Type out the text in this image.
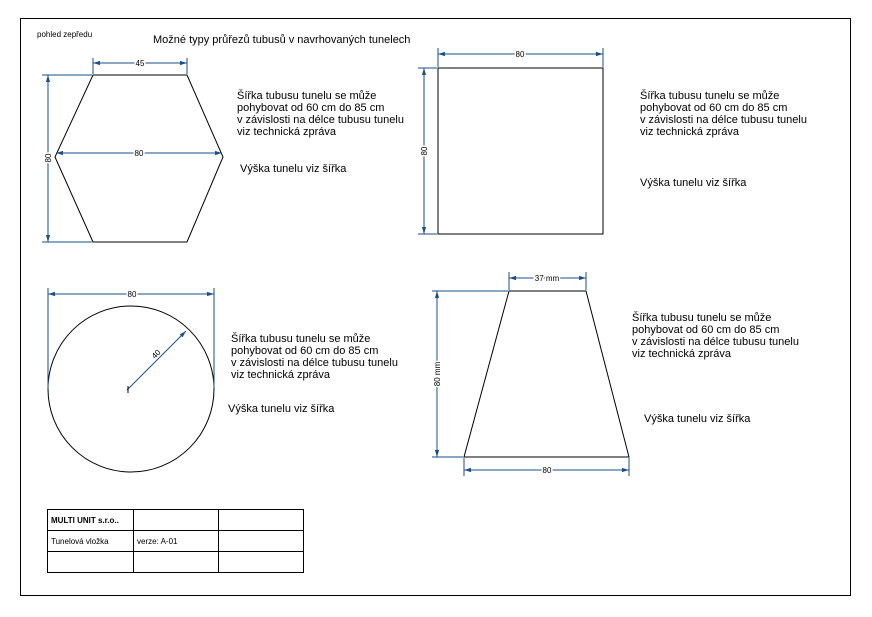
pohled zepředu	Možné typy průřezů tubusů v navrhovaných tunelech
45
80
80
80
80
80
40
37 mm
80
80 mm
Šířka tubusu tunelu se může
pohybovat od 60 cm do 85 cm
v závislosti na délce tubusu tunelu
viz technická zpráva
Výška tunelu viz šířka
Šířka tubusu tunelu se může
pohybovat od 60 cm do 85 cm
v závislosti na délce tubusu tunelu
viz technická zpráva
Výška tunelu viz šířka
Šířka tubusu tunelu se může
pohybovat od 60 cm do 85 cm
v závislosti na délce tubusu tunelu
viz technická zpráva
Výška tunelu viz šířka
Šířka tubusu tunelu se může
pohybovat od 60 cm do 85 cm
v závislosti na délce tubusu tunelu
viz technická zpráva
Výška tunelu viz šířka
MULTI UNIT s.r.o..		
Tunelová vložka	verze: A-01	
